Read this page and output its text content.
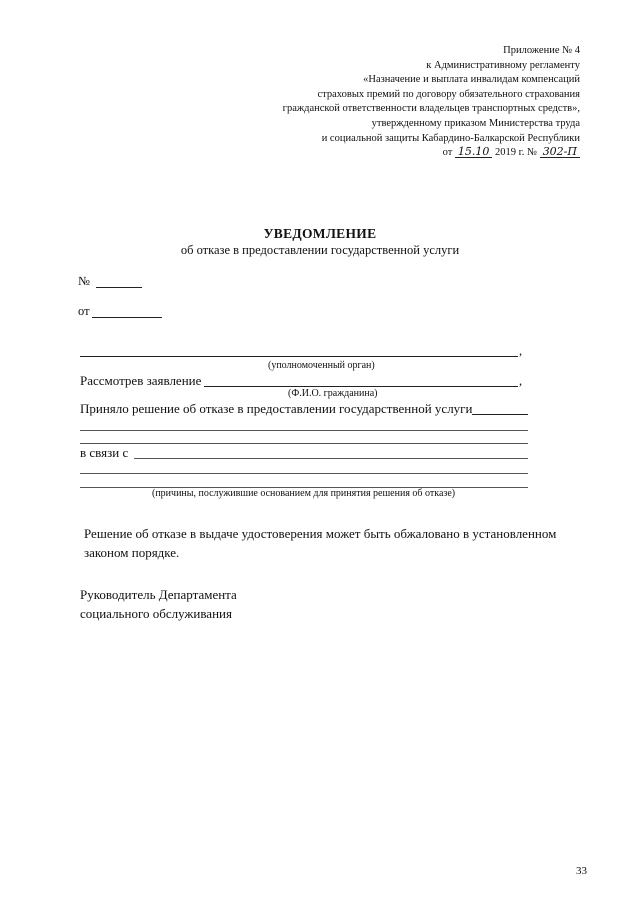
Приложение № 4
к Административному регламенту
«Назначение и выплата инвалидам компенсаций
страховых премий по договору обязательного страхования
гражданской ответственности владельцев транспортных средств»,
утвержденному приказом Министерства труда
и социальной защиты Кабардино-Балкарской Республики
от 15.10 2019 г. № 302-П
УВЕДОМЛЕНИЕ
об отказе в предоставлении государственной услуги
№
от
,
(уполномоченный орган)
Рассмотрев заявление	,
(Ф.И.О. гражданина)
Приняло решение об отказе в предоставлении государственной услуги
в связи с
(причины, послужившие основанием для принятия решения об отказе)
Решение об отказе в выдаче удостоверения может быть обжаловано в установленном законом порядке.
Руководитель Департамента
социального обслуживания
33
